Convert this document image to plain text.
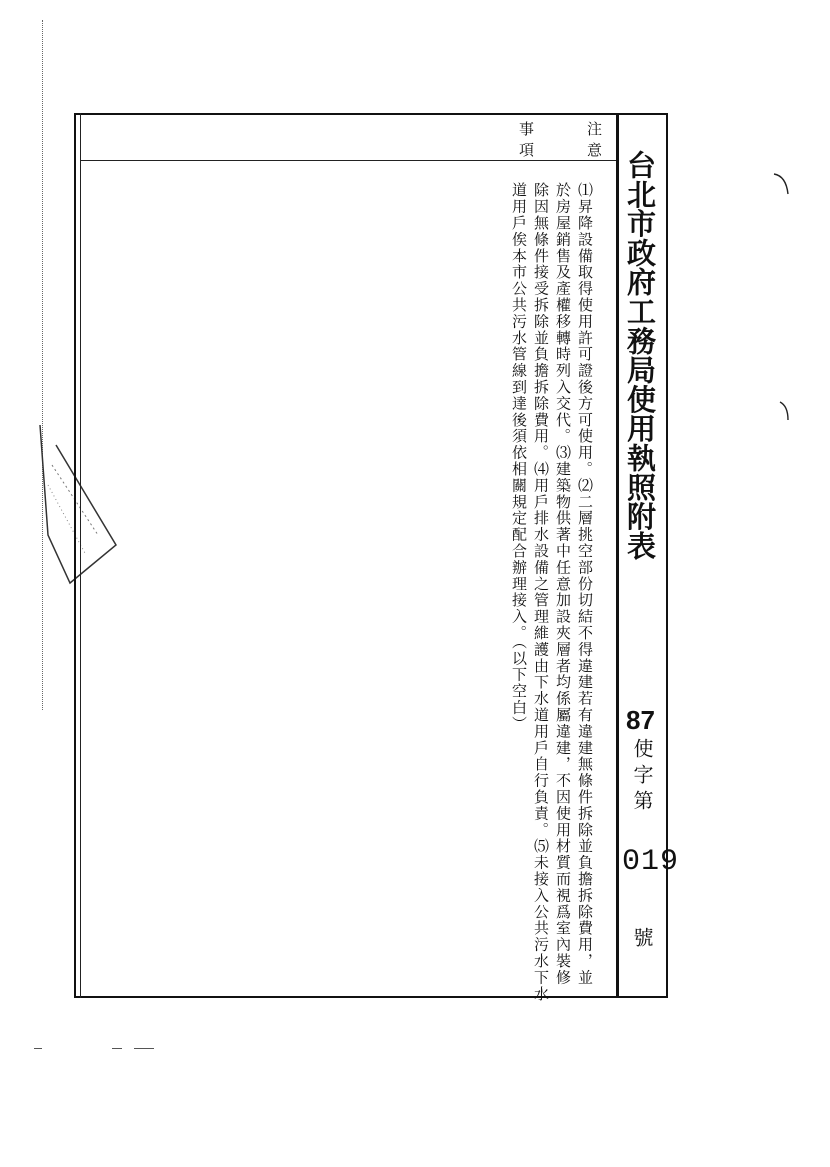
台北市政府工務局使用執照附表
87
使字第
019
號
注意
事項
⑴昇降設備取得使用許可證後方可使用。⑵二層挑空部份切結不得違建若有違建無條件拆除並負擔拆除費用，並
於房屋銷售及產權移轉時列入交代。⑶建築物供著中任意加設夾層者均係屬違建，不因使用材質而視爲室內裝修
除因無條件接受拆除並負擔拆除費用。⑷用戶排水設備之管理維護由下水道用戶自行負責。⑸未接入公共污水下水
道用戶俟本市公共污水管線到達後須依相關規定配合辦理接入。（以下空白）
